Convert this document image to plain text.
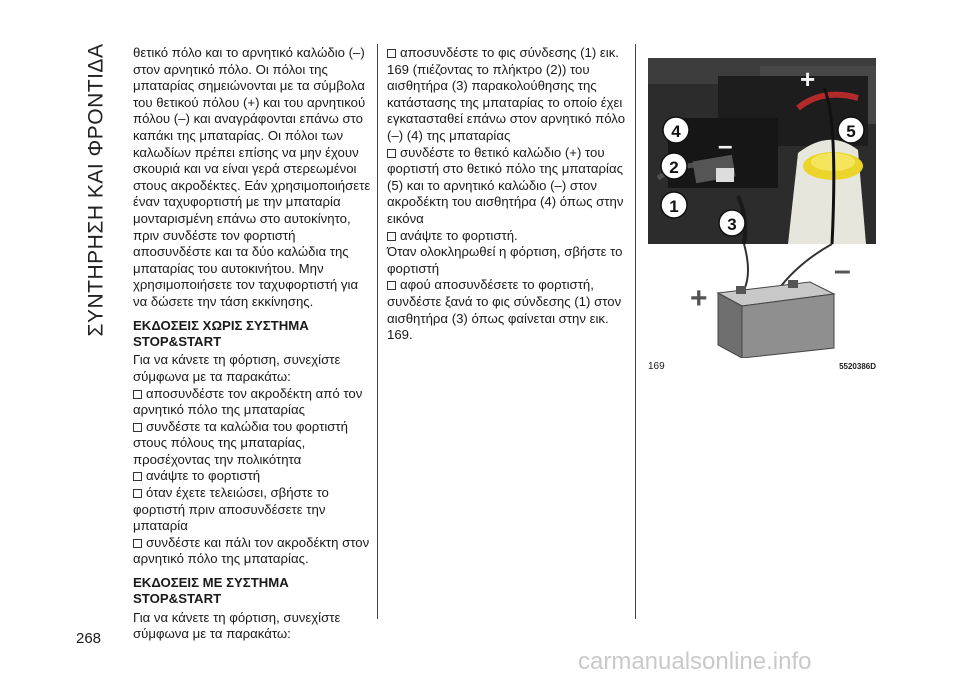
ΣΥΝΤΗΡΗΣΗ ΚΑΙ ΦΡΟΝΤΙΔΑ
268

θετικό πόλο και το αρνητικό καλώδιο (–) στον αρνητικό πόλο. Οι πόλοι της μπαταρίας σημειώνονται με τα σύμβολα του θετικού πόλου (+) και του αρνητικού πόλου (–) και αναγράφονται επάνω στο καπάκι της μπαταρίας. Οι πόλοι των καλωδίων πρέπει επίσης να μην έχουν σκουριά και να είναι γερά στερεωμένοι στους ακροδέκτες. Εάν χρησιμοποιήσετε έναν ταχυφορτιστή με την μπαταρία μονταρισμένη επάνω στο αυτοκίνητο, πριν συνδέστε τον φορτιστή αποσυνδέστε και τα δύο καλώδια της μπαταρίας του αυτοκινήτου. Μην χρησιμοποιήσετε τον ταχυφορτιστή για να δώσετε την τάση εκκίνησης.

ΕΚΔΟΣΕΙΣ ΧΩΡΙΣ ΣΥΣΤΗΜΑ STOP&START

Για να κάνετε τη φόρτιση, συνεχίστε σύμφωνα με τα παρακάτω:

αποσυνδέστε τον ακροδέκτη από τον αρνητικό πόλο της μπαταρίας

συνδέστε τα καλώδια του φορτιστή στους πόλους της μπαταρίας, προσέχοντας την πολικότητα

ανάψτε το φορτιστή

όταν έχετε τελειώσει, σβήστε το φορτιστή πριν αποσυνδέσετε την μπαταρία

συνδέστε και πάλι τον ακροδέκτη στον αρνητικό πόλο της μπαταρίας.

ΕΚΔΟΣΕΙΣ ΜΕ ΣΥΣΤΗΜΑ STOP&START

Για να κάνετε τη φόρτιση, συνεχίστε σύμφωνα με τα παρακάτω:

αποσυνδέστε το φις σύνδεσης (1) εικ. 169 (πιέζοντας το πλήκτρο (2)) του αισθητήρα (3) παρακολούθησης της κατάστασης της μπαταρίας το οποίο έχει εγκατασταθεί επάνω στον αρνητικό πόλο (–) (4) της μπαταρίας

συνδέστε το θετικό καλώδιο (+) του φορτιστή στο θετικό πόλο της μπαταρίας (5) και το αρνητικό καλώδιο (–) στον ακροδέκτη του αισθητήρα (4) όπως στην εικόνα

ανάψτε το φορτιστή.

Όταν ολοκληρωθεί η φόρτιση, σβήστε το φορτιστή

αφού αποσυνδέσετε το φορτιστή, συνδέστε ξανά το φις σύνδεσης (1) στον αισθητήρα (3) όπως φαίνεται στην εικ. 169.

+
–
4
2
1
3
5
+
–
169	5520386D
carmanualsonline.info
